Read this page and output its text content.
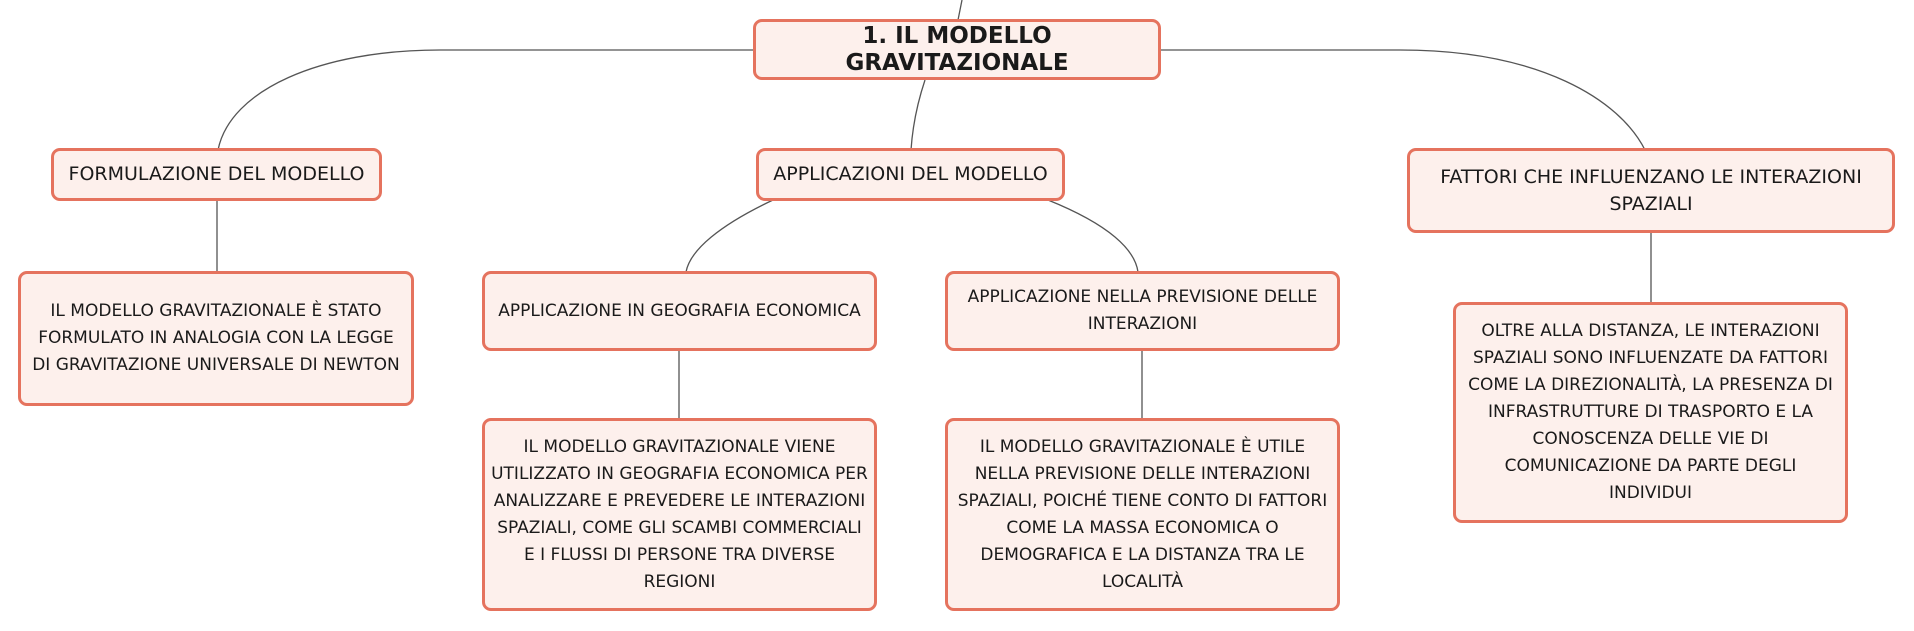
1. IL MODELLO GRAVITAZIONALE
FORMULAZIONE DEL MODELLO	APPLICAZIONI DEL MODELLO	FATTORI CHE INFLUENZANO LE INTERAZIONI SPAZIALI
IL MODELLO GRAVITAZIONALE È STATO FORMULATO IN ANALOGIA CON LA LEGGE DI GRAVITAZIONE UNIVERSALE DI NEWTON
APPLICAZIONE IN GEOGRAFIA ECONOMICA
APPLICAZIONE NELLA PREVISIONE DELLE INTERAZIONI
IL MODELLO GRAVITAZIONALE VIENE UTILIZZATO IN GEOGRAFIA ECONOMICA PER ANALIZZARE E PREVEDERE LE INTERAZIONI SPAZIALI, COME GLI SCAMBI COMMERCIALI E I FLUSSI DI PERSONE TRA DIVERSE REGIONI
IL MODELLO GRAVITAZIONALE È UTILE NELLA PREVISIONE DELLE INTERAZIONI SPAZIALI, POICHÉ TIENE CONTO DI FATTORI COME LA MASSA ECONOMICA O DEMOGRAFICA E LA DISTANZA TRA LE LOCALITÀ
OLTRE ALLA DISTANZA, LE INTERAZIONI SPAZIALI SONO INFLUENZATE DA FATTORI COME LA DIREZIONALITÀ, LA PRESENZA DI INFRASTRUTTURE DI TRASPORTO E LA CONOSCENZA DELLE VIE DI COMUNICAZIONE DA PARTE DEGLI INDIVIDUI
